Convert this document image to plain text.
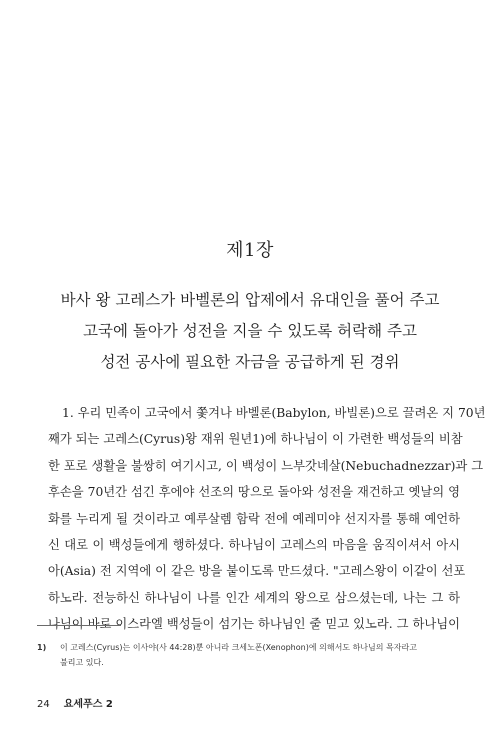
제1장
바사 왕 고레스가 바벨론의 압제에서 유대인을 풀어 주고
고국에 돌아가 성전을 지을 수 있도록 허락해 주고
성전 공사에 필요한 자금을 공급하게 된 경위
1. 우리 민족이 고국에서 쫓겨나 바벨론(Babylon, 바빌론)으로 끌려온 지 70년
째가 되는 고레스(Cyrus)왕 재위 원년1)에 하나님이 이 가련한 백성들의 비참
한 포로 생활을 불쌍히 여기시고, 이 백성이 느부갓네살(Nebuchadnezzar)과 그
후손을 70년간 섬긴 후에야 선조의 땅으로 돌아와 성전을 재건하고 옛날의 영
화를 누리게 될 것이라고 예루살렘 함락 전에 예레미야 선지자를 통해 예언하
신 대로 이 백성들에게 행하셨다. 하나님이 고레스의 마음을 움직이셔서 아시
아(Asia) 전 지역에 이 같은 방을 붙이도록 만드셨다. "고레스왕이 이같이 선포
하노라. 전능하신 하나님이 나를 인간 세계의 왕으로 삼으셨는데, 나는 그 하
나님이 바로 이스라엘 백성들이 섬기는 하나님인 줄 믿고 있노라. 그 하나님이
1) 이 고레스(Cyrus)는 이사야(사 44:28)뿐 아니라 크세노폰(Xenophon)에 의해서도 하나님의 목자라고
불리고 있다.
24 요세푸스 2
